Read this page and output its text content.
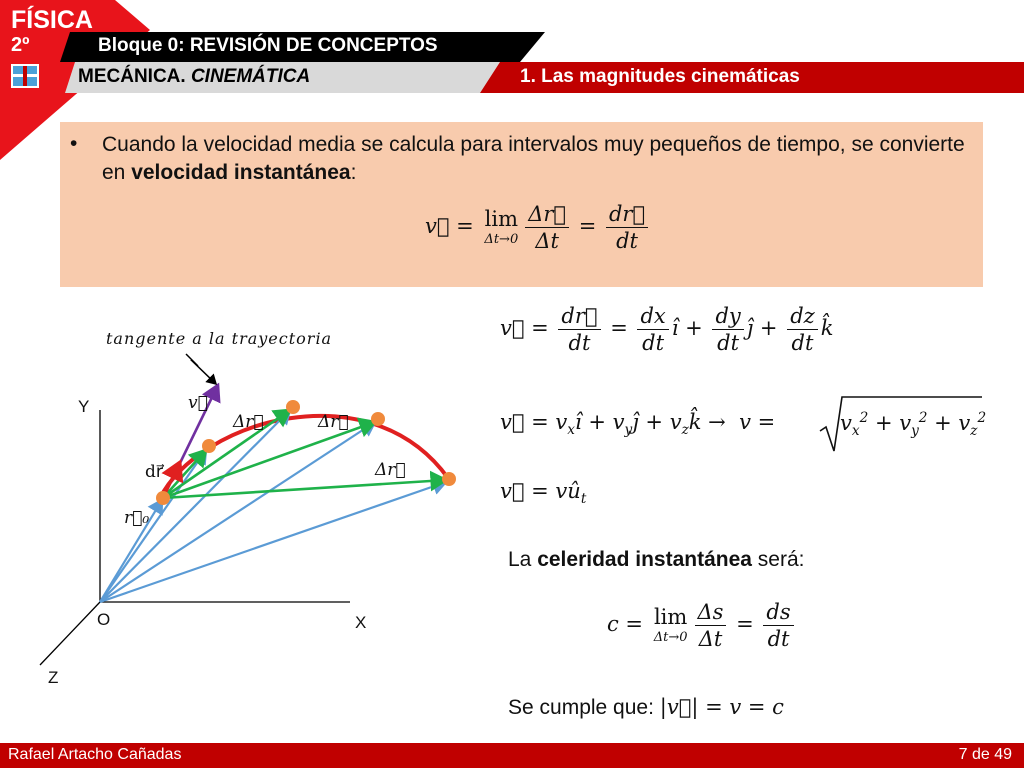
FÍSICA
2º	Bloque 0: REVISIÓN DE CONCEPTOS
MECÁNICA. CINEMÁTICA	1. Las magnitudes cinemáticas
• Cuando la velocidad media se calcula para intervalos muy pequeños de tiempo, se convierte en velocidad instantánea:
v⃗ = lim
$\Delta t\to 0 \frac{\Delta r⃗}{\Delta t} = \frac{dr⃗}{dt}$
tangente a la trayectoria
Y
X
Z
O
v⃗
dr⃗
r⃗₀
Δr⃗	Δr⃗
Δr⃗
v⃗ = $\frac{dr⃗}{dt} = \frac{dx}{dt}$ ı̂ + $\frac{dy}{dt}$ ȷ̂ + $\frac{dz}{dt}$ k̂
v⃗ = $v_xı̂$ + $v_yȷ̂$ + $v_zk̂ \to v$ =	$v_x^2 + v_y^2 + v_z^2$
v⃗ = $vû_t$
La celeridad instantánea será:
c = lim
$\Delta t\to 0 \frac{\Delta s}{\Delta t} = \frac{ds}{dt}$
Se cumple que: |v⃗| = v = c
Rafael Artacho Cañadas	7 de 49
